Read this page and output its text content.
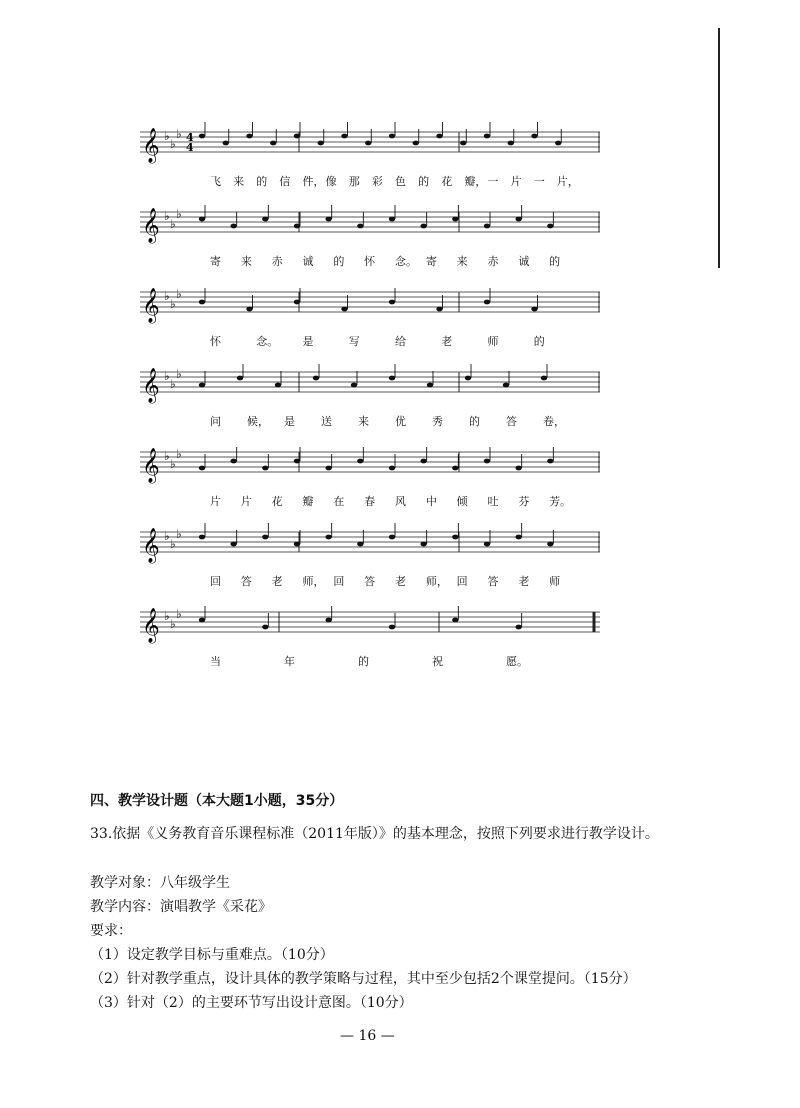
𝄞 ♭
♭
♭ 4
4
飞 来 的 信 件， 像 那 彩 色 的 花 瓣， 一 片 一 片，
𝄞 ♭
♭
♭
寄 来 赤 诚 的 怀 念。 寄 来 赤 诚 的
𝄞 ♭
♭
♭
怀	念。 是	写	给	老	师	的
𝄞 ♭
♭
♭
问 候， 是 送 来 优 秀 的 答 卷，
𝄞 ♭
♭
♭
片 片 花 瓣 在 春 风 中 倾 吐 芬 芳。
𝄞 ♭
♭
♭
回 答 老 师， 回 答 老 师， 回 答 老 师
𝄞 ♭
♭
♭
当	年	的	祝	愿。
四、教学设计题（本大题1小题，35分）
33.依据《义务教育音乐课程标准（2011年版）》的基本理念，按照下列要求进行教学设计。
教学对象：八年级学生
教学内容：演唱教学《采花》
要求：
（1）设定教学目标与重难点。（10分）
（2）针对教学重点，设计具体的教学策略与过程，其中至少包括2个课堂提问。（15分）
（3）针对（2）的主要环节写出设计意图。（10分）
— 16 —
